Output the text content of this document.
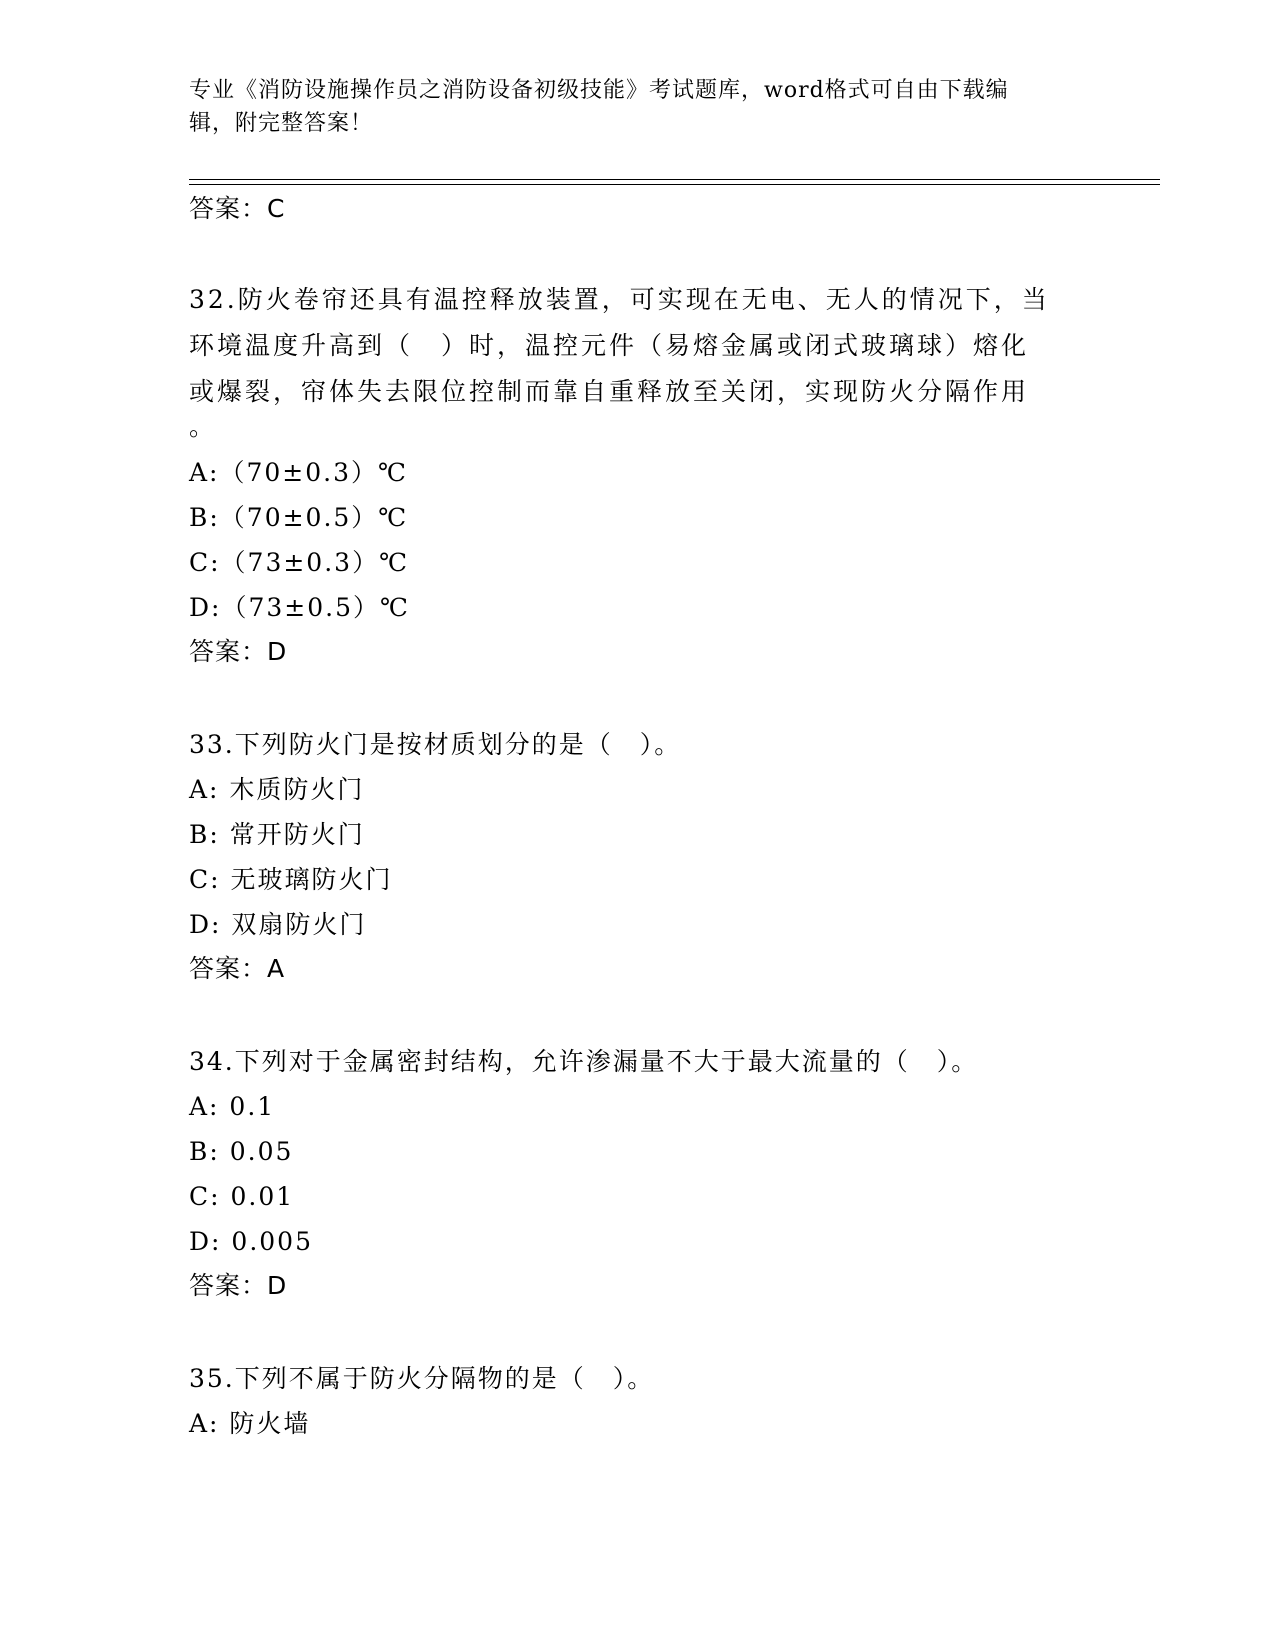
专业《消防设施操作员之消防设备初级技能》考试题库，word格式可自由下载编
辑，附完整答案！
答案：C
32.防火卷帘还具有温控释放装置，可实现在无电、无人的情况下，当
环境温度升高到（　）时，温控元件（易熔金属或闭式玻璃球）熔化
或爆裂，帘体失去限位控制而靠自重释放至关闭，实现防火分隔作用
。
A:（70±0.3）℃
B:（70±0.5）℃
C:（73±0.3）℃
D:（73±0.5）℃
答案：D
33.下列防火门是按材质划分的是（　）。
A: 木质防火门
B: 常开防火门
C: 无玻璃防火门
D: 双扇防火门
答案：A
34.下列对于金属密封结构，允许渗漏量不大于最大流量的（　）。
A: 0.1
B: 0.05
C: 0.01
D: 0.005
答案：D
35.下列不属于防火分隔物的是（　）。
A: 防火墙
